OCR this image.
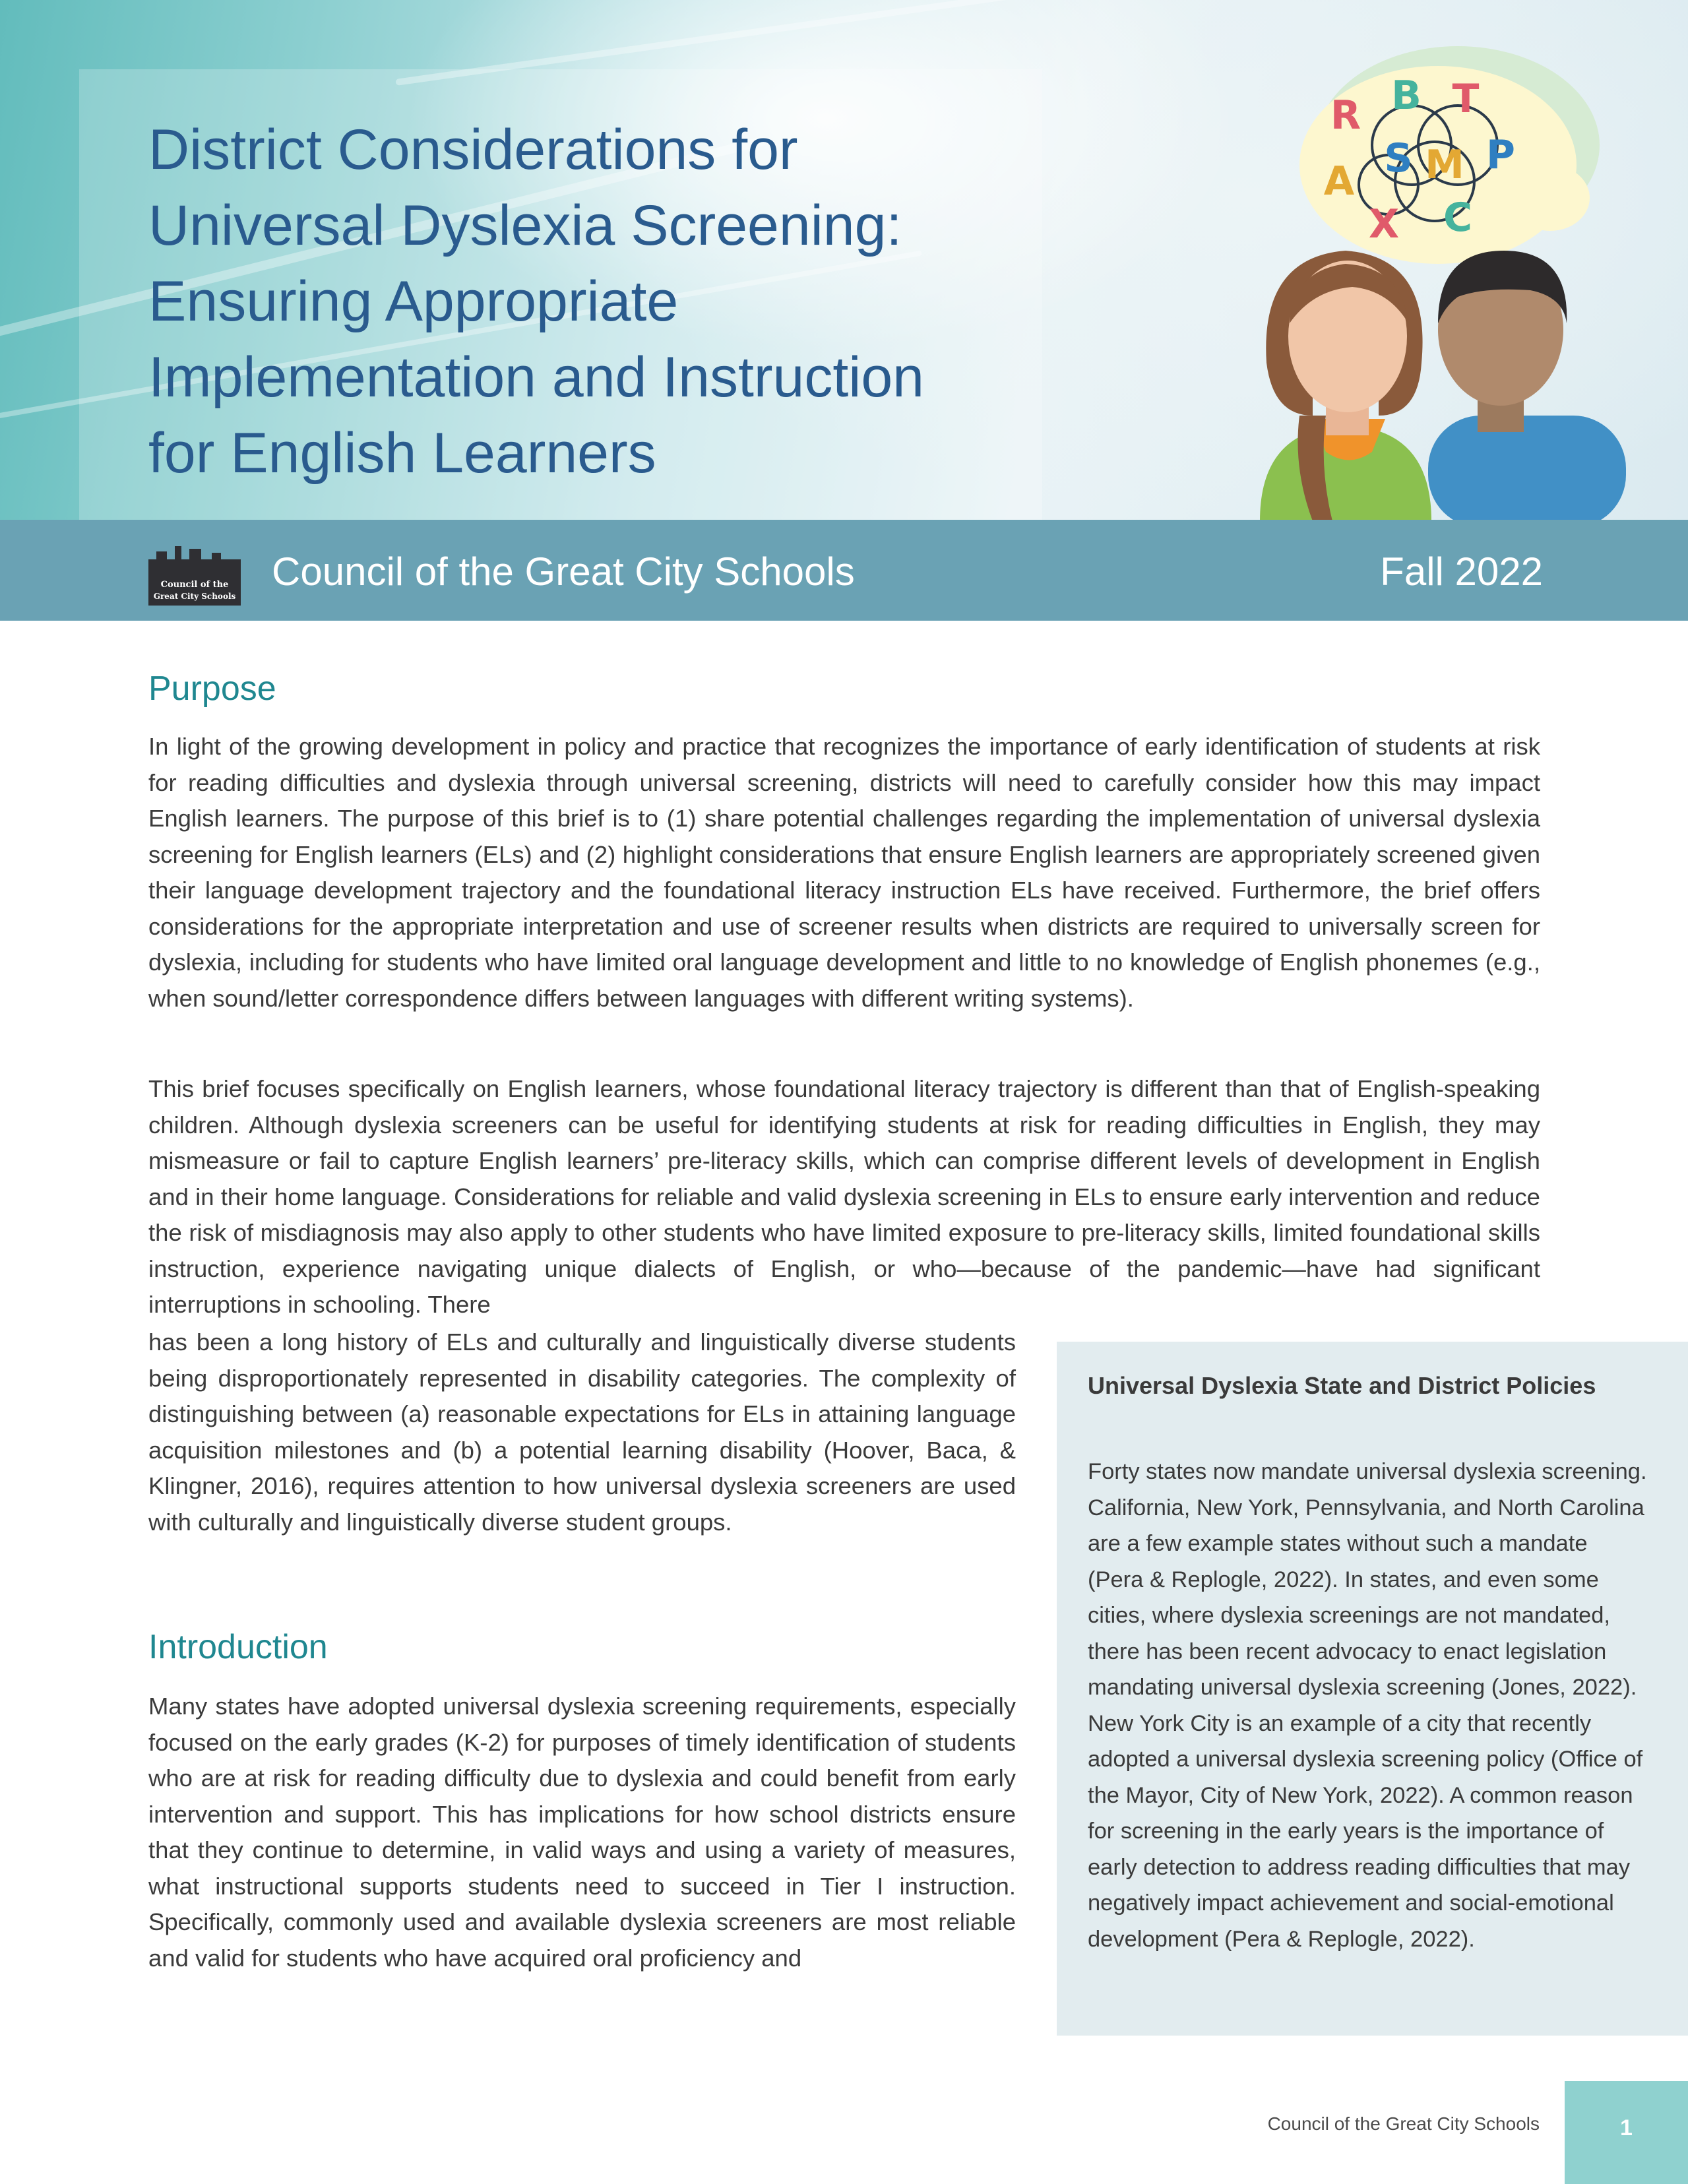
District Considerations for
Universal Dyslexia Screening:
Ensuring Appropriate
Implementation and Instruction
for English Learners
R B T
S M P
A
X C
Council of the
Great City Schools
Council of the Great City Schools	Fall 2022
Purpose

In light of the growing development in policy and practice that recognizes the importance of early identification of students at risk for reading difficulties and dyslexia through universal screening, districts will need to carefully consider how this may impact English learners. The purpose of this brief is to (1) share potential challenges regarding the implementation of universal dyslexia screening for English learners (ELs) and (2) highlight considerations that ensure English learners are appropriately screened given their language development trajectory and the foundational literacy instruction ELs have received. Furthermore, the brief offers considerations for the appropriate interpretation and use of screener results when districts are required to universally screen for dyslexia, including for students who have limited oral language development and little to no knowledge of English phonemes (e.g., when sound/letter correspondence differs between languages with different writing systems).

This brief focuses specifically on English learners, whose foundational literacy trajectory is different than that of English-speaking children. Although dyslexia screeners can be useful for identifying students at risk for reading difficulties in English, they may mismeasure or fail to capture English learners’ pre-literacy skills, which can comprise different levels of development in English and in their home language. Considerations for reliable and valid dyslexia screening in ELs to ensure early intervention and reduce the risk of misdiagnosis may also apply to other students who have limited exposure to pre-literacy skills, limited foundational skills instruction, experience navigating unique dialects of English, or who—because of the pandemic—have had significant interruptions in schooling. There

has been a long history of ELs and culturally and linguistically diverse students being disproportionately represented in disability categories. The complexity of distinguishing between (a) reasonable expectations for ELs in attaining language acquisition milestones and (b) a potential learning disability (Hoover, Baca, & Klingner, 2016), requires attention to how universal dyslexia screeners are used with culturally and linguistically diverse student groups.

Introduction

Many states have adopted universal dyslexia screening requirements, especially focused on the early grades (K-2) for purposes of timely identification of students who are at risk for reading difficulty due to dyslexia and could benefit from early intervention and support. This has implications for how school districts ensure that they continue to determine, in valid ways and using a variety of measures, what instructional supports students need to succeed in Tier I instruction. Specifically, commonly used and available dyslexia screeners are most reliable and valid for students who have acquired oral proficiency and

Universal Dyslexia State and District Policies

Forty states now mandate universal dyslexia screening. California, New York, Pennsylvania, and North Carolina are a few example states without such a mandate (Pera & Replogle, 2022). In states, and even some cities, where dyslexia screenings are not mandated, there has been recent advocacy to enact legislation mandating universal dyslexia screening (Jones, 2022). New York City is an example of a city that recently adopted a universal dyslexia screening policy (Office of the Mayor, City of New York, 2022). A common reason for screening in the early years is the importance of early detection to address reading difficulties that may negatively impact achievement and social-emotional development (Pera & Replogle, 2022).

Council of the Great City Schools	1
